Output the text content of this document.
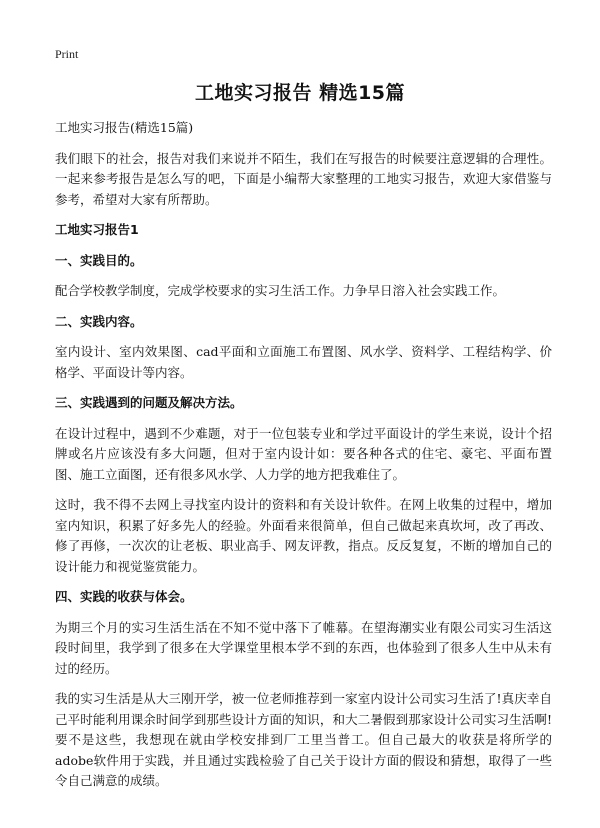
Print
工地实习报告 精选15篇
工地实习报告(精选15篇)
我们眼下的社会，报告对我们来说并不陌生，我们在写报告的时候要注意逻辑的合理性。一起来参考报告是怎么写的吧，下面是小编帮大家整理的工地实习报告，欢迎大家借鉴与参考，希望对大家有所帮助。
工地实习报告1
一、实践目的。
配合学校教学制度，完成学校要求的实习生活工作。力争早日溶入社会实践工作。
二、实践内容。
室内设计、室内效果图、cad平面和立面施工布置图、风水学、资料学、工程结构学、价格学、平面设计等内容。
三、实践遇到的问题及解决方法。
在设计过程中，遇到不少难题，对于一位包装专业和学过平面设计的学生来说，设计个招牌或名片应该没有多大问题，但对于室内设计如：要各种各式的住宅、豪宅、平面布置图、施工立面图，还有很多风水学、人力学的地方把我难住了。
这时，我不得不去网上寻找室内设计的资料和有关设计软件。在网上收集的过程中，增加室内知识，积累了好多先人的经验。外面看来很简单，但自己做起来真坎坷，改了再改、修了再修，一次次的让老板、职业高手、网友评教，指点。反反复复，不断的增加自己的设计能力和视觉鉴赏能力。
四、实践的收获与体会。
为期三个月的实习生活生活在不知不觉中落下了帷幕。在望海潮实业有限公司实习生活这段时间里，我学到了很多在大学课堂里根本学不到的东西，也体验到了很多人生中从未有过的经历。
我的实习生活是从大三刚开学，被一位老师推荐到一家室内设计公司实习生活了!真庆幸自己平时能利用课余时间学到那些设计方面的知识，和大二暑假到那家设计公司实习生活啊!要不是这些，我想现在就由学校安排到厂工里当普工。但自己最大的收获是将所学的adobe软件用于实践，并且通过实践检验了自己关于设计方面的假设和猜想，取得了一些令自己满意的成绩。
